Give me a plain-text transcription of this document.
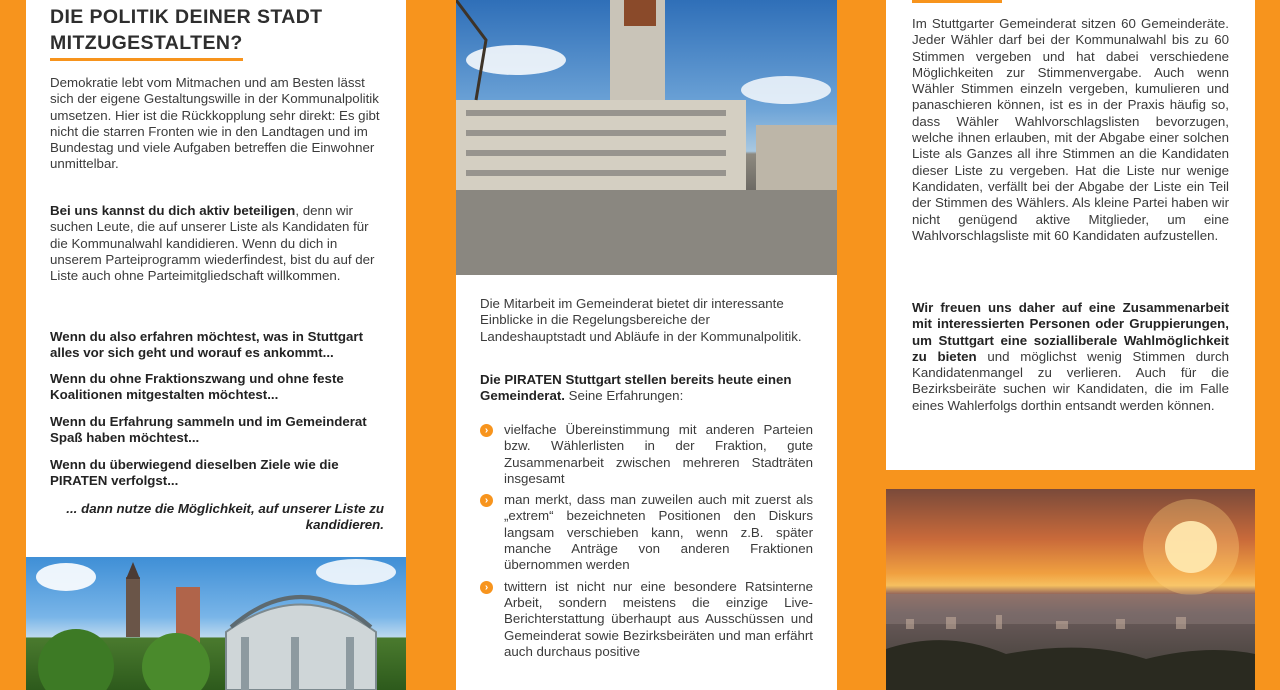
DIE POLITIK DEINER STADT
MITZUGESTALTEN?

Demokratie lebt vom Mitmachen und am Besten lässt sich der eigene Gestaltungswille in der Kommunalpolitik umsetzen. Hier ist die Rückkopplung sehr direkt: Es gibt nicht die starren Fronten wie in den Landtagen und im Bundestag und viele Aufgaben betreffen die Einwohner unmittelbar.

Bei uns kannst du dich aktiv beteiligen, denn wir suchen Leute, die auf unserer Liste als Kandidaten für die Kommunalwahl kandidieren. Wenn du dich in unserem Parteiprogramm wiederfindest, bist du auf der Liste auch ohne Parteimitgliedschaft willkommen.

Wenn du also erfahren möchtest, was in Stuttgart alles vor sich geht und worauf es ankommt...

Wenn du ohne Fraktionszwang und ohne feste Koalitionen mitgestalten möchtest...

Wenn du Erfahrung sammeln und im Gemeinderat Spaß haben möchtest...

Wenn du überwiegend dieselben Ziele wie die PIRATEN verfolgst...

... dann nutze die Möglichkeit, auf unserer Liste zu kandidieren.

Die Mitarbeit im Gemeinderat bietet dir interessante Einblicke in die Regelungsbereiche der Landeshauptstadt und Abläufe in der Kommunalpolitik.

Die PIRATEN Stuttgart stellen bereits heute einen Gemeinderat. Seine Erfahrungen:

›	vielfache Übereinstimmung mit anderen Parteien bzw. Wählerlisten in der Fraktion, gute Zusammenarbeit zwischen mehreren Stadträten insgesamt
›	man merkt, dass man zuweilen auch mit zuerst als „extrem“ bezeichneten Positionen den Diskurs langsam verschieben kann, wenn z.B. später manche Anträge von anderen Fraktionen übernommen werden
›	twittern ist nicht nur eine besondere Ratsinterne Arbeit, sondern meistens die einzige Live-Berichterstattung überhaupt aus Ausschüssen und Gemeinderat sowie Bezirksbeiräten und man erfährt auch durchaus positive

Im Stuttgarter Gemeinderat sitzen 60 Gemeinderäte. Jeder Wähler darf bei der Kommunalwahl bis zu 60 Stimmen vergeben und hat dabei verschiedene Möglichkeiten zur Stimmenvergabe. Auch wenn Wähler Stimmen einzeln vergeben, kumulieren und panaschieren können, ist es in der Praxis häufig so, dass Wähler Wahlvorschlagslisten bevorzugen, welche ihnen erlauben, mit der Abgabe einer solchen Liste als Ganzes all ihre Stimmen an die Kandidaten dieser Liste zu vergeben. Hat die Liste nur wenige Kandidaten, verfällt bei der Abgabe der Liste ein Teil der Stimmen des Wählers. Als kleine Partei haben wir nicht genügend aktive Mitglieder, um eine Wahlvorschlagsliste mit 60 Kandidaten aufzustellen.

Wir freuen uns daher auf eine Zusammenarbeit mit interessierten Personen oder Gruppierungen, um Stuttgart eine sozialliberale Wahlmöglichkeit zu bieten und möglichst wenig Stimmen durch Kandidatenmangel zu verlieren. Auch für die Bezirksbeiräte suchen wir Kandidaten, die im Falle eines Wahlerfolgs dorthin entsandt werden können.
